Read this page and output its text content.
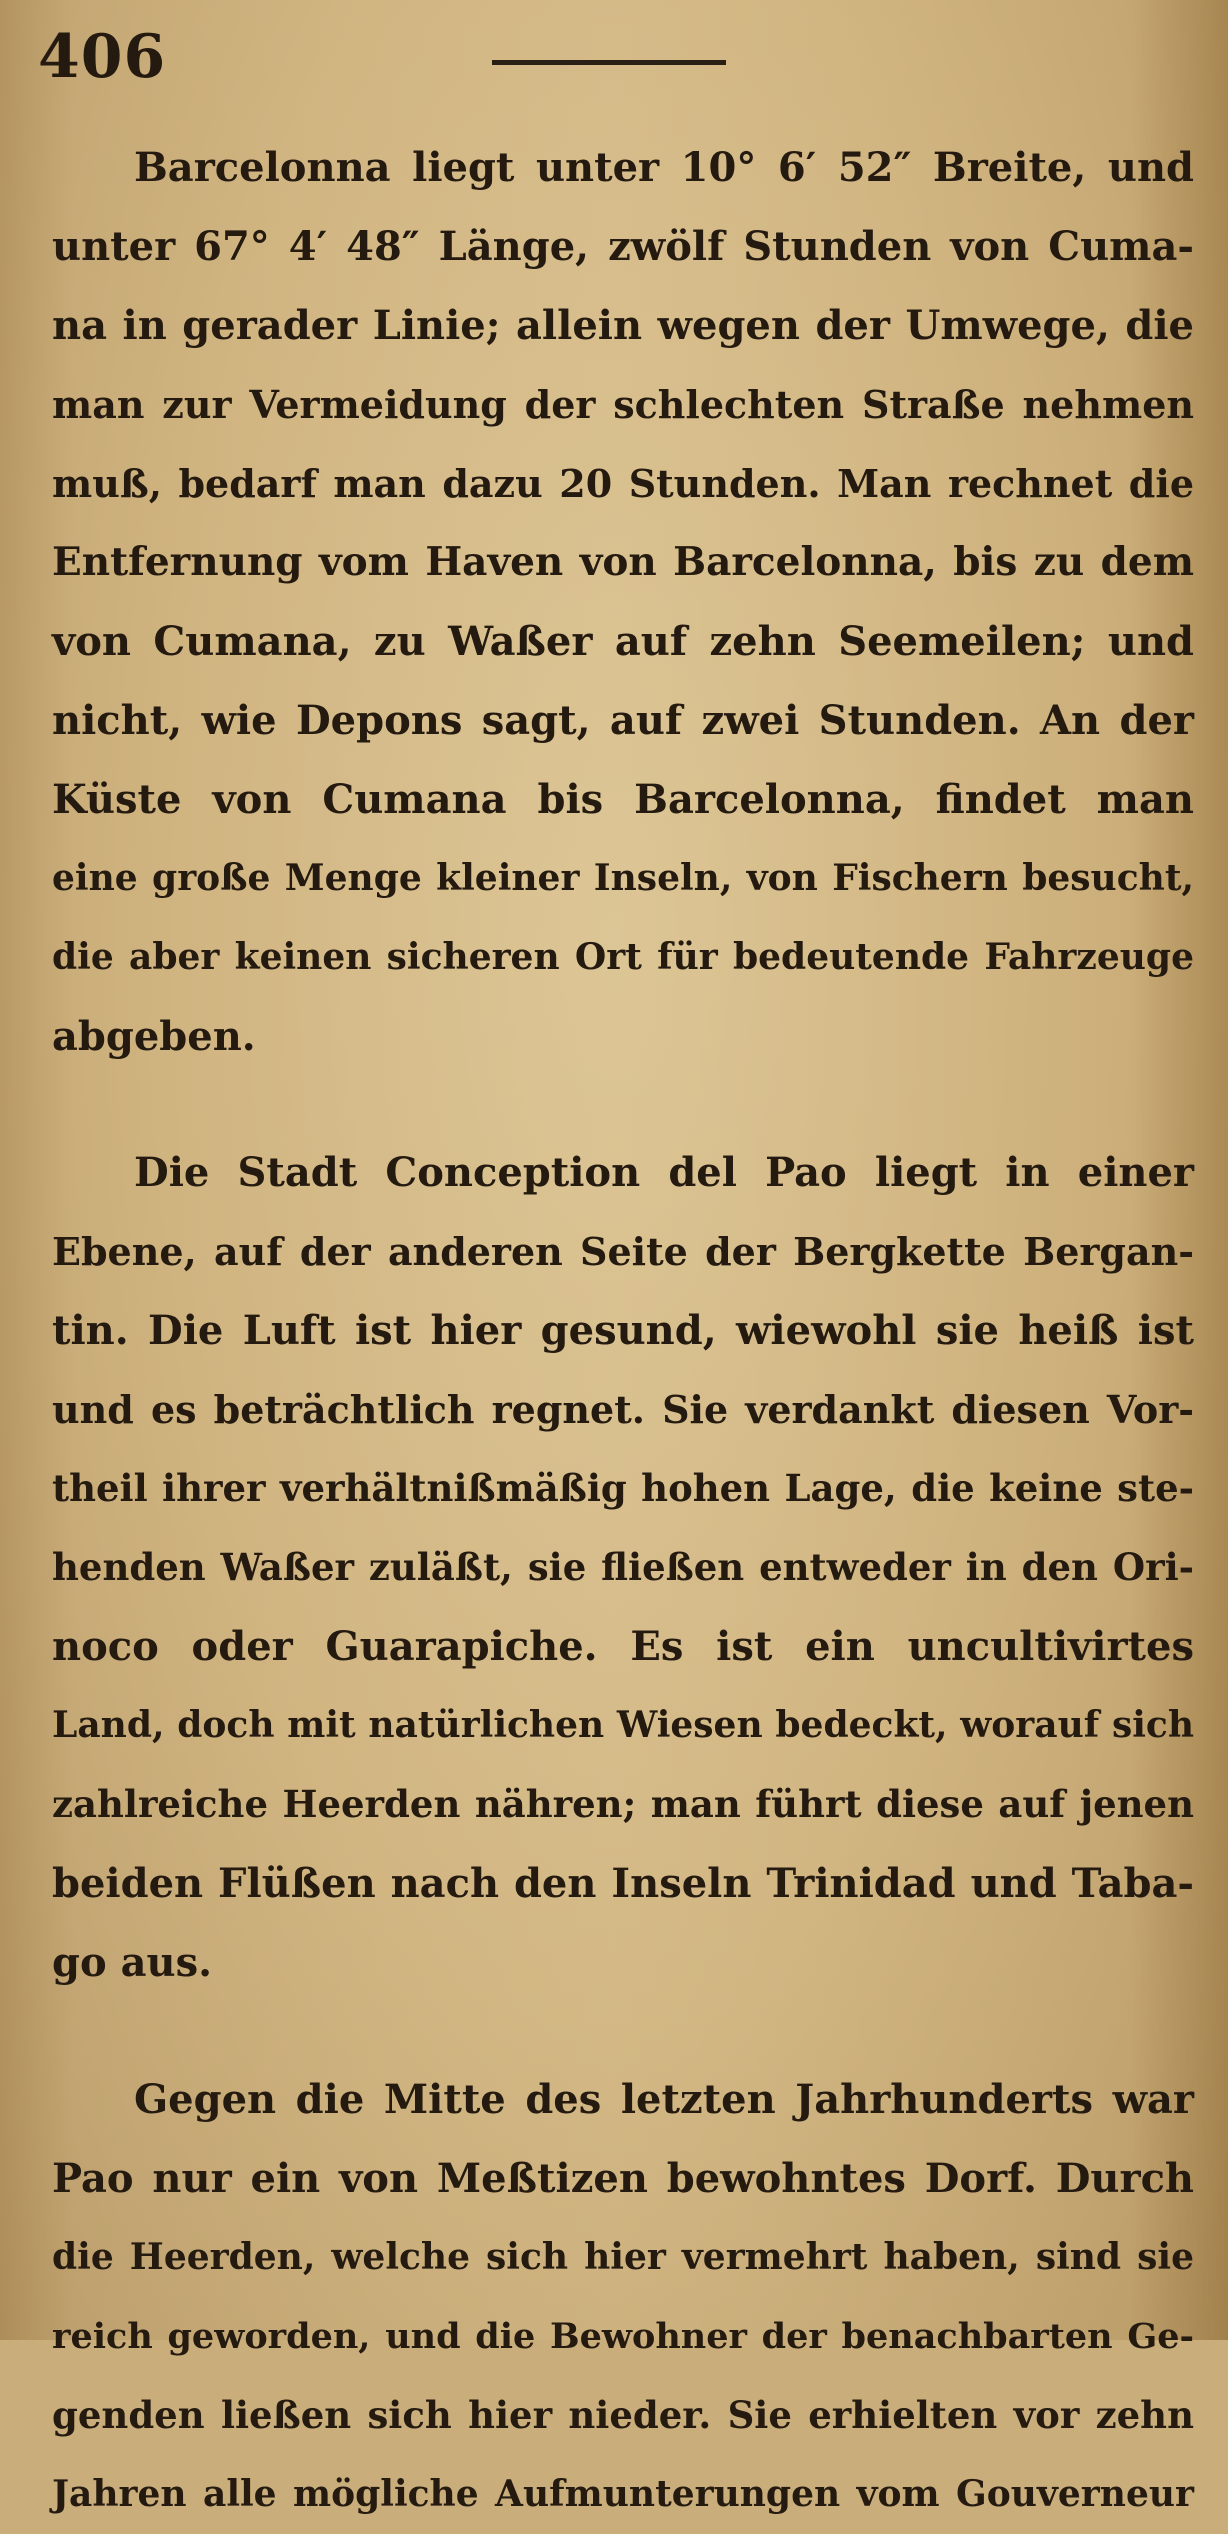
406
Barcelonna liegt unter 10° 6′ 52″ Breite, und
unter 67° 4′ 48″ Länge, zwölf Stunden von Cuma-
na in gerader Linie; allein wegen der Umwege, die
man zur Vermeidung der schlechten Straße nehmen
muß, bedarf man dazu 20 Stunden. Man rechnet die
Entfernung vom Haven von Barcelonna, bis zu dem
von Cumana, zu Waßer auf zehn Seemeilen; und
nicht, wie Depons sagt, auf zwei Stunden. An der
Küste von Cumana bis Barcelonna, findet man
eine große Menge kleiner Inseln, von Fischern besucht,
die aber keinen sicheren Ort für bedeutende Fahrzeuge
abgeben.
Die Stadt Conception del Pao liegt in einer
Ebene, auf der anderen Seite der Bergkette Bergan-
tin. Die Luft ist hier gesund, wiewohl sie heiß ist
und es beträchtlich regnet. Sie verdankt diesen Vor-
theil ihrer verhältnißmäßig hohen Lage, die keine ste-
henden Waßer zuläßt, sie fließen entweder in den Ori-
noco oder Guarapiche. Es ist ein uncultivirtes
Land, doch mit natürlichen Wiesen bedeckt, worauf sich
zahlreiche Heerden nähren; man führt diese auf jenen
beiden Flüßen nach den Inseln Trinidad und Taba-
go aus.
Gegen die Mitte des letzten Jahrhunderts war
Pao nur ein von Meßtizen bewohntes Dorf. Durch
die Heerden, welche sich hier vermehrt haben, sind sie
reich geworden, und die Bewohner der benachbarten Ge-
genden ließen sich hier nieder. Sie erhielten vor zehn
Jahren alle mögliche Aufmunterungen vom Gouverneur
